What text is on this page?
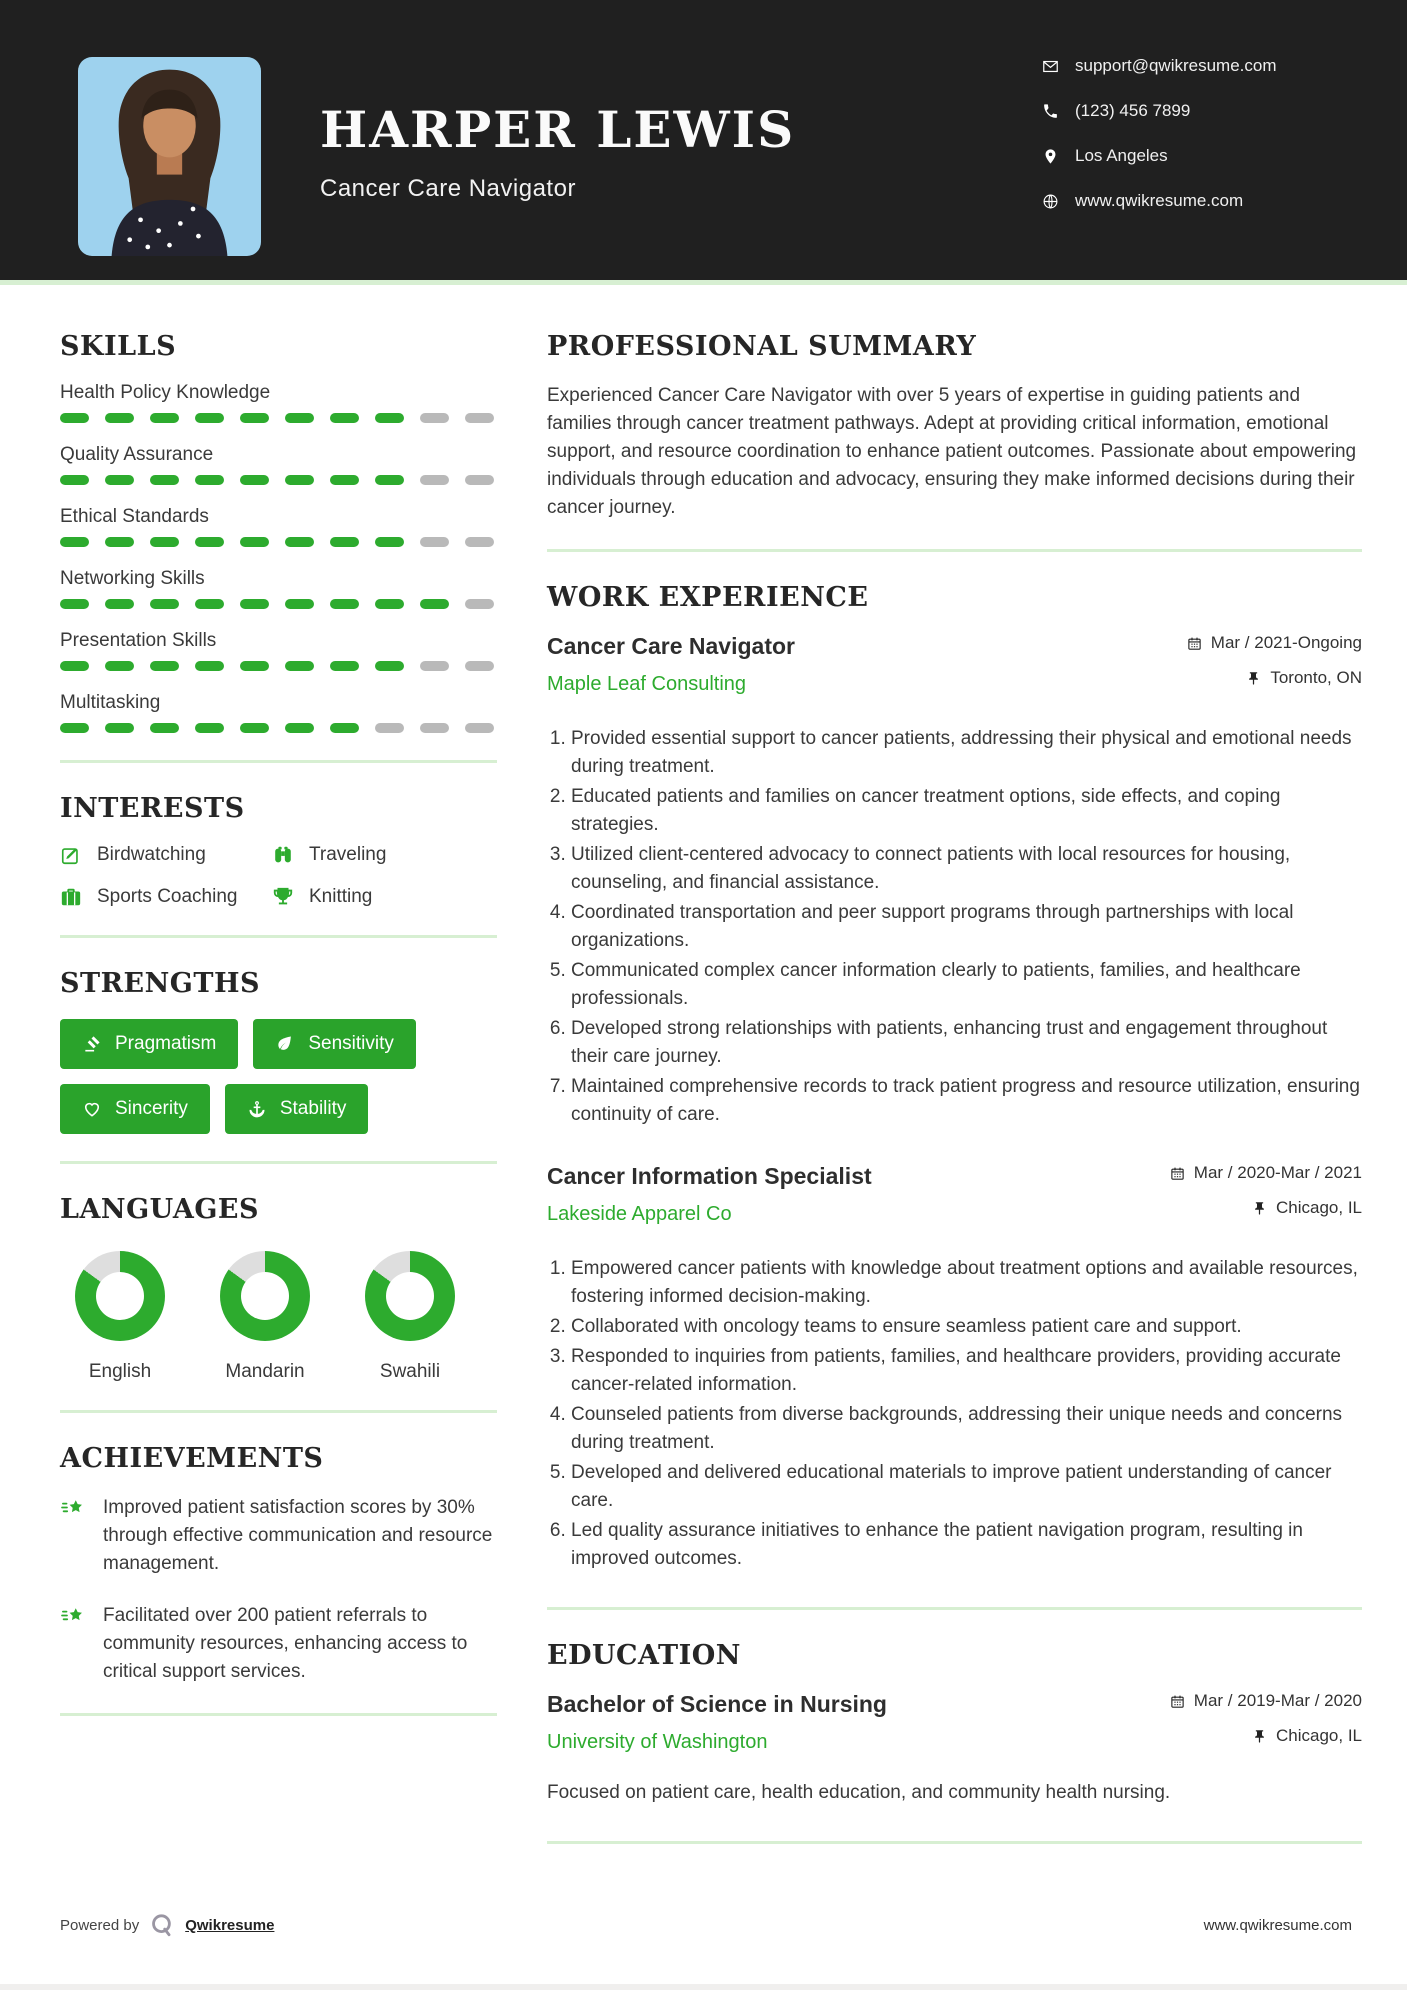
HARPER LEWIS
Cancer Care Navigator
support@qwikresume.com
(123) 456 7899
Los Angeles
www.qwikresume.com
SKILLS
Health Policy Knowledge
Quality Assurance
Ethical Standards
Networking Skills
Presentation Skills
Multitasking
INTERESTS
Birdwatching	Traveling
Sports Coaching	Knitting
STRENGTHS
Pragmatism	Sensitivity
Sincerity	Stability
LANGUAGES
English	Mandarin	Swahili
ACHIEVEMENTS

Improved patient satisfaction scores by 30% through effective communication and resource management.

Facilitated over 200 patient referrals to community resources, enhancing access to critical support services.

PROFESSIONAL SUMMARY

Experienced Cancer Care Navigator with over 5 years of expertise in guiding patients and families through cancer treatment pathways. Adept at providing critical information, emotional support, and resource coordination to enhance patient outcomes. Passionate about empowering individuals through education and advocacy, ensuring they make informed decisions during their cancer journey.

WORK EXPERIENCE
Cancer Care Navigator
Maple Leaf Consulting
Mar / 2021-Ongoing
Toronto, ON
1. Provided essential support to cancer patients, addressing their physical and emotional needs during treatment.
2. Educated patients and families on cancer treatment options, side effects, and coping strategies.
3. Utilized client-centered advocacy to connect patients with local resources for housing, counseling, and financial assistance.
4. Coordinated transportation and peer support programs through partnerships with local organizations.
5. Communicated complex cancer information clearly to patients, families, and healthcare professionals.
6. Developed strong relationships with patients, enhancing trust and engagement throughout their care journey.
7. Maintained comprehensive records to track patient progress and resource utilization, ensuring continuity of care.
Cancer Information Specialist
Lakeside Apparel Co
Mar / 2020-Mar / 2021
Chicago, IL
1. Empowered cancer patients with knowledge about treatment options and available resources, fostering informed decision-making.
2. Collaborated with oncology teams to ensure seamless patient care and support.
3. Responded to inquiries from patients, families, and healthcare providers, providing accurate cancer-related information.
4. Counseled patients from diverse backgrounds, addressing their unique needs and concerns during treatment.
5. Developed and delivered educational materials to improve patient understanding of cancer care.
6. Led quality assurance initiatives to enhance the patient navigation program, resulting in improved outcomes.
EDUCATION
Bachelor of Science in Nursing
University of Washington
Mar / 2019-Mar / 2020
Chicago, IL

Focused on patient care, health education, and community health nursing.

Powered by	Qwikresume	www.qwikresume.com
